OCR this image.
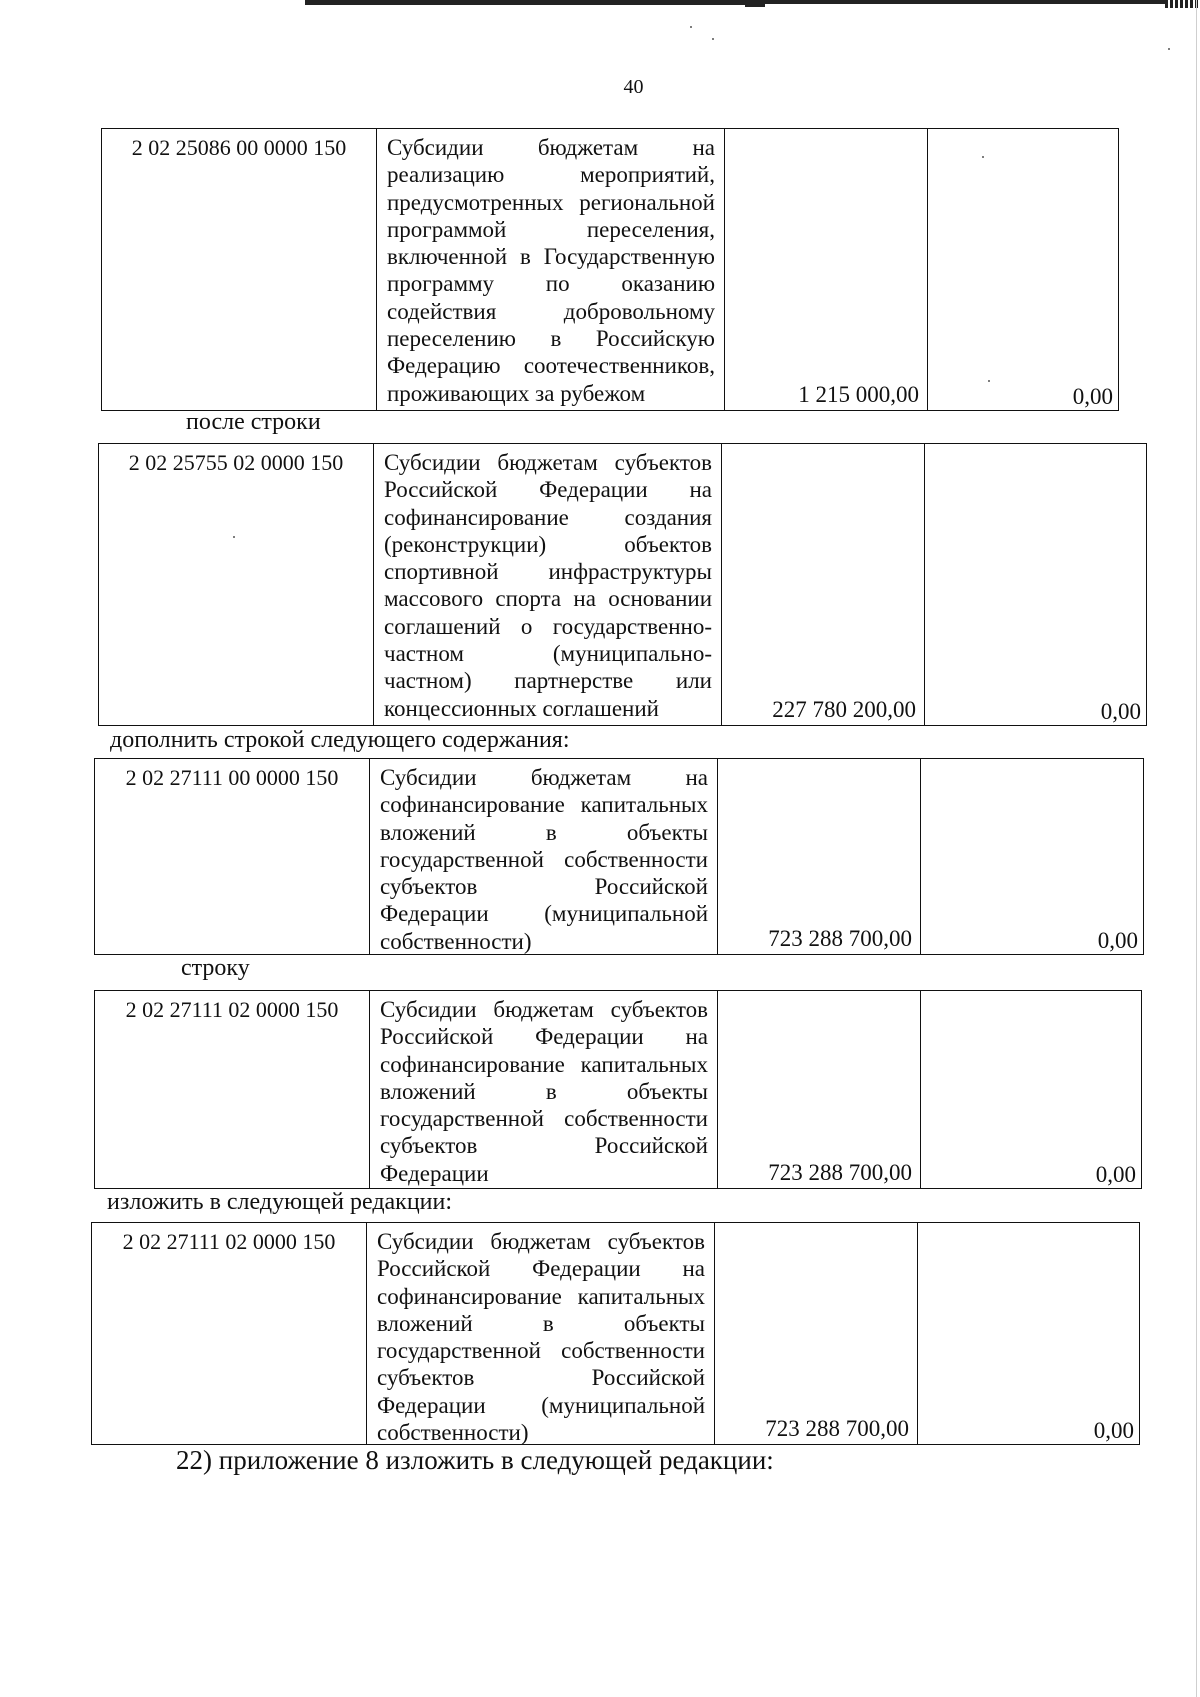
40
2 02 25086 00 0000 150	Субсидии бюджетам на реализацию мероприятий, предусмотренных региональной программой переселения, включенной в Государственную программу по оказанию содействия добровольному переселению в Российскую Федерацию соотечественников, проживающих за рубежом	1 215 000,00	0,00
после строки
2 02 25755 02 0000 150	Субсидии бюджетам субъектов Российской Федерации на софинансирование создания (реконструкции) объектов спортивной инфраструктуры массового спорта на основании соглашений о государственно-частном (муниципально-частном) партнерстве или концессионных соглашений	227 780 200,00	0,00
дополнить строкой следующего содержания:
2 02 27111 00 0000 150	Субсидии бюджетам на софинансирование капитальных вложений в объекты государственной собственности субъектов Российской Федерации (муниципальной собственности)	723 288 700,00	0,00
строку
2 02 27111 02 0000 150	Субсидии бюджетам субъектов Российской Федерации на софинансирование капитальных вложений в объекты государственной собственности субъектов Российской Федерации	723 288 700,00	0,00
изложить в следующей редакции:
2 02 27111 02 0000 150	Субсидии бюджетам субъектов Российской Федерации на софинансирование капитальных вложений в объекты государственной собственности субъектов Российской Федерации (муниципальной собственности)	723 288 700,00	0,00
22) приложение 8 изложить в следующей редакции:
